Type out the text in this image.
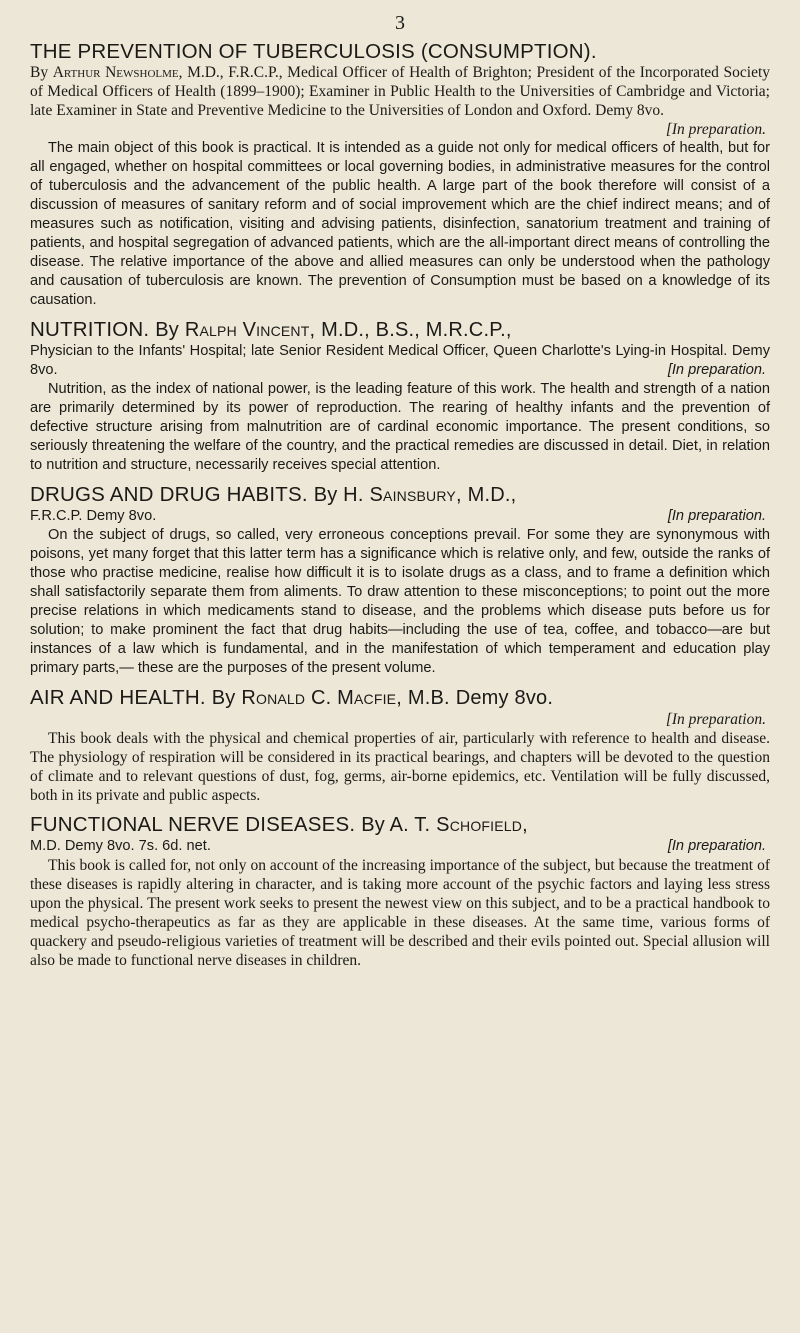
3
THE PREVENTION OF TUBERCULOSIS (CONSUMPTION).
By Arthur Newsholme, M.D., F.R.C.P., Medical Officer of Health of Brighton; President of the Incorporated Society of Medical Officers of Health (1899–1900); Examiner in Public Health to the Universities of Cambridge and Victoria; late Examiner in State and Preventive Medicine to the Universities of London and Oxford. Demy 8vo.
[In preparation.

The main object of this book is practical. It is intended as a guide not only for medical officers of health, but for all engaged, whether on hospital committees or local governing bodies, in administrative measures for the control of tuberculosis and the advancement of the public health. A large part of the book therefore will consist of a discussion of measures of sanitary reform and of social improvement which are the chief indirect means; and of measures such as notification, visiting and advising patients, disinfection, sanatorium treatment and training of patients, and hospital segregation of advanced patients, which are the all-important direct means of controlling the disease. The relative importance of the above and allied measures can only be understood when the pathology and causation of tuberculosis are known. The prevention of Consumption must be based on a knowledge of its causation.

NUTRITION. By Ralph Vincent, M.D., B.S., M.R.C.P.,
Physician to the Infants' Hospital; late Senior Resident Medical Officer, Queen Charlotte's Lying-in Hospital. Demy 8vo.	[In preparation.

Nutrition, as the index of national power, is the leading feature of this work. The health and strength of a nation are primarily determined by its power of reproduction. The rearing of healthy infants and the prevention of defective structure arising from malnutrition are of cardinal economic importance. The present conditions, so seriously threatening the welfare of the country, and the practical remedies are discussed in detail. Diet, in relation to nutrition and structure, necessarily receives special attention.

DRUGS AND DRUG HABITS. By H. Sainsbury, M.D.,
F.R.C.P. Demy 8vo.	[In preparation.

On the subject of drugs, so called, very erroneous conceptions prevail. For some they are synonymous with poisons, yet many forget that this latter term has a significance which is relative only, and few, outside the ranks of those who practise medicine, realise how difficult it is to isolate drugs as a class, and to frame a definition which shall satisfactorily separate them from aliments. To draw attention to these misconceptions; to point out the more precise relations in which medicaments stand to disease, and the problems which disease puts before us for solution; to make prominent the fact that drug habits—including the use of tea, coffee, and tobacco—are but instances of a law which is fundamental, and in the manifestation of which temperament and education play primary parts,— these are the purposes of the present volume.

AIR AND HEALTH. By Ronald C. Macfie, M.B. Demy 8vo.
[In preparation.

This book deals with the physical and chemical properties of air, particularly with reference to health and disease. The physiology of respiration will be considered in its practical bearings, and chapters will be devoted to the question of climate and to relevant questions of dust, fog, germs, air-borne epidemics, etc. Ventilation will be fully discussed, both in its private and public aspects.

FUNCTIONAL NERVE DISEASES. By A. T. Schofield,
M.D. Demy 8vo. 7s. 6d. net.	[In preparation.

This book is called for, not only on account of the increasing importance of the subject, but because the treatment of these diseases is rapidly altering in character, and is taking more account of the psychic factors and laying less stress upon the physical. The present work seeks to present the newest view on this subject, and to be a practical handbook to medical psycho-therapeutics as far as they are applicable in these diseases. At the same time, various forms of quackery and pseudo-religious varieties of treatment will be described and their evils pointed out. Special allusion will also be made to functional nerve diseases in children.
